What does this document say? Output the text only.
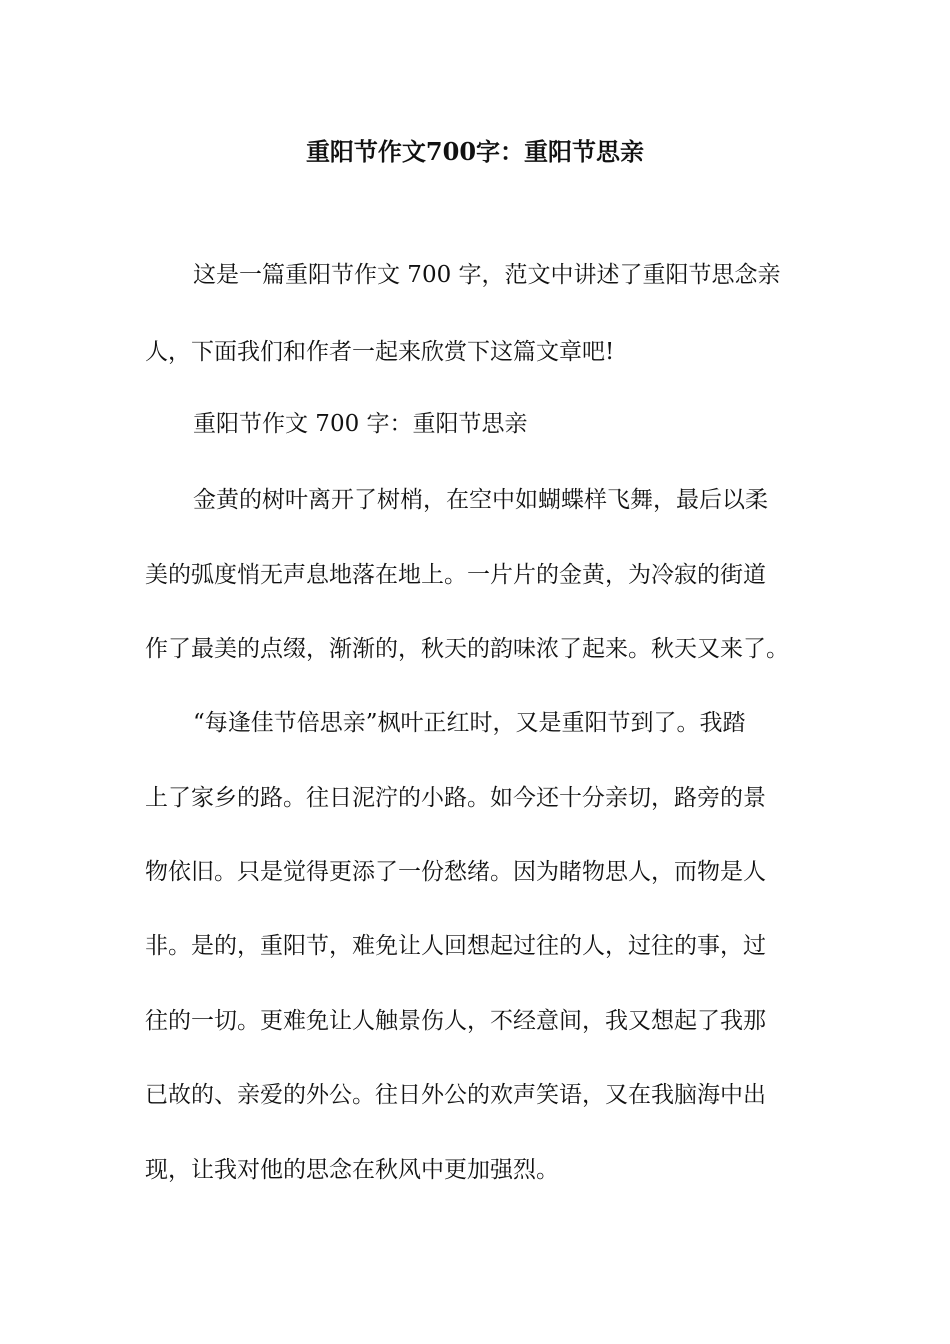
重阳节作文700字：重阳节思亲

这是一篇重阳节作文 700 字，范文中讲述了重阳节思念亲

人，下面我们和作者一起来欣赏下这篇文章吧!

重阳节作文 700 字：重阳节思亲

金黄的树叶离开了树梢，在空中如蝴蝶样飞舞，最后以柔

美的弧度悄无声息地落在地上。一片片的金黄，为冷寂的街道

作了最美的点缀，渐渐的，秋天的韵味浓了起来。秋天又来了。

“每逢佳节倍思亲”枫叶正红时，又是重阳节到了。我踏

上了家乡的路。往日泥泞的小路。如今还十分亲切，路旁的景

物依旧。只是觉得更添了一份愁绪。因为睹物思人，而物是人

非。是的，重阳节，难免让人回想起过往的人，过往的事，过

往的一切。更难免让人触景伤人，不经意间，我又想起了我那

已故的、亲爱的外公。往日外公的欢声笑语，又在我脑海中出

现，让我对他的思念在秋风中更加强烈。
